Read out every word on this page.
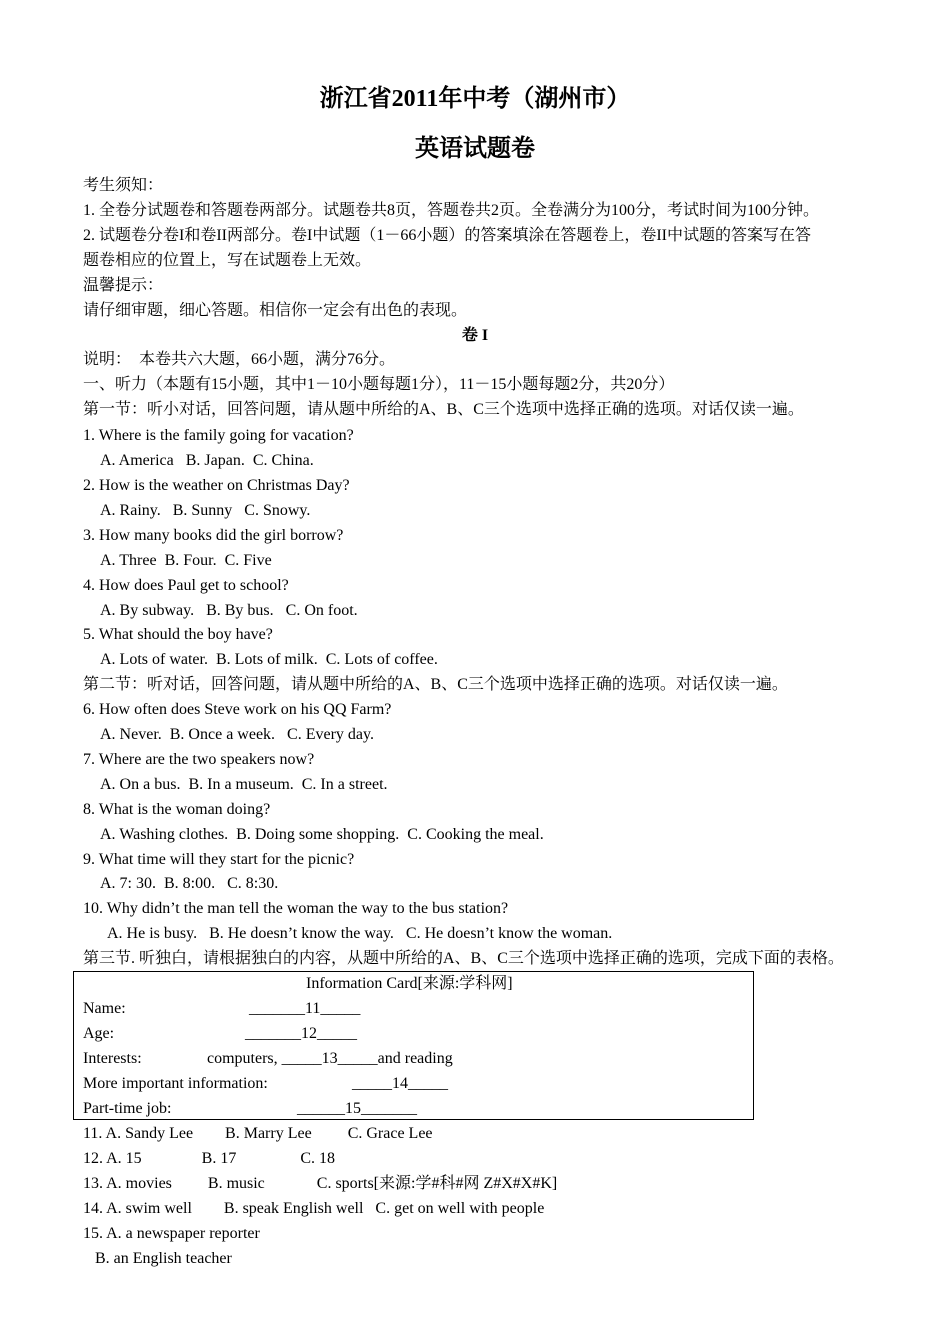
浙江省2011年中考（湖州市）
英语试题卷
考生须知：
1. 全卷分试题卷和答题卷两部分。试题卷共8页，答题卷共2页。全卷满分为100分，考试时间为100分钟。
2. 试题卷分卷I和卷II两部分。卷I中试题（1－66小题）的答案填涂在答题卷上，卷II中试题的答案写在答
题卷相应的位置上，写在试题卷上无效。
温馨提示：
请仔细审题，细心答题。相信你一定会有出色的表现。
卷 I
说明：  本卷共六大题，66小题，满分76分。
一、听力（本题有15小题，其中1－10小题每题1分），11－15小题每题2分，共20分）
第一节：听小对话，回答问题，请从题中所给的A、B、C三个选项中选择正确的选项。对话仅读一遍。
1. Where is the family going for vacation?
A. America   B. Japan.  C. China.
2. How is the weather on Christmas Day?
A. Rainy.   B. Sunny   C. Snowy.
3. How many books did the girl borrow?
A. Three  B. Four.  C. Five
4. How does Paul get to school?
A. By subway.   B. By bus.   C. On foot.
5. What should the boy have?
A. Lots of water.  B. Lots of milk.  C. Lots of coffee.
第二节：听对话，回答问题，请从题中所给的A、B、C三个选项中选择正确的选项。对话仅读一遍。
6. How often does Steve work on his QQ Farm?
A. Never.  B. Once a week.   C. Every day.
7. Where are the two speakers now?
A. On a bus.  B. In a museum.  C. In a street.
8. What is the woman doing?
A. Washing clothes.  B. Doing some shopping.  C. Cooking the meal.
9. What time will they start for the picnic?
A. 7: 30.  B. 8:00.   C. 8:30.
10. Why didn’t the man tell the woman the way to the bus station?
A. He is busy.   B. He doesn’t know the way.   C. He doesn’t know the woman.
第三节. 听独白，请根据独白的内容，从题中所给的A、B、C三个选项中选择正确的选项，完成下面的表格。
Information Card[来源:学科网]
Name:	_______11_____
Age:	_______12_____
Interests:	computers, _____13_____and reading
More important information:	_____14_____
Part-time job:	______15_______
11. A. Sandy Lee        B. Marry Lee         C. Grace Lee
12. A. 15               B. 17                C. 18
13. A. movies         B. music             C. sports[来源:学#科#网 Z#X#X#K]
14. A. swim well        B. speak English well   C. get on well with people
15. A. a newspaper reporter
B. an English teacher
